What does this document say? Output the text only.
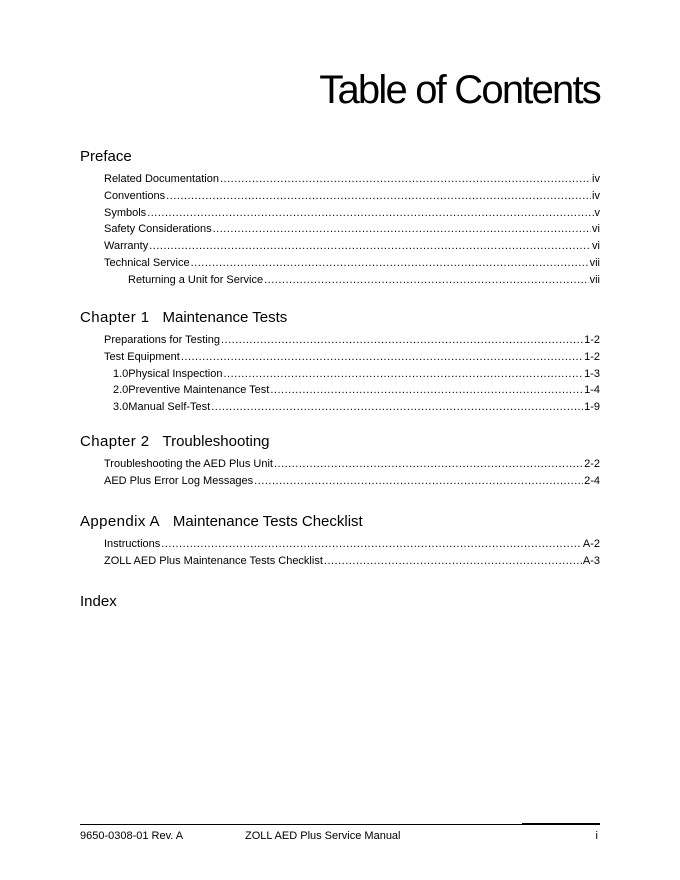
Table of Contents
Preface
Related Documentation .....	iv
Conventions .....	iv
Symbols .....	v
Safety Considerations .....	vi
Warranty .....	vi
Technical Service .....	vii
Returning a Unit for Service .....	vii
Chapter 1 Maintenance Tests
Preparations for Testing .....	1-2
Test Equipment .....	1-2
1.0 Physical Inspection .....	1-3
2.0 Preventive Maintenance Test .....	1-4
3.0 Manual Self-Test .....	1-9
Chapter 2 Troubleshooting
Troubleshooting the AED Plus Unit .....	2-2
AED Plus Error Log Messages .....	2-4
Appendix A Maintenance Tests Checklist
Instructions .....	A-2
ZOLL AED Plus Maintenance Tests Checklist .....	A-3
Index

9650-0308-01 Rev. A	ZOLL AED Plus Service Manual	i
